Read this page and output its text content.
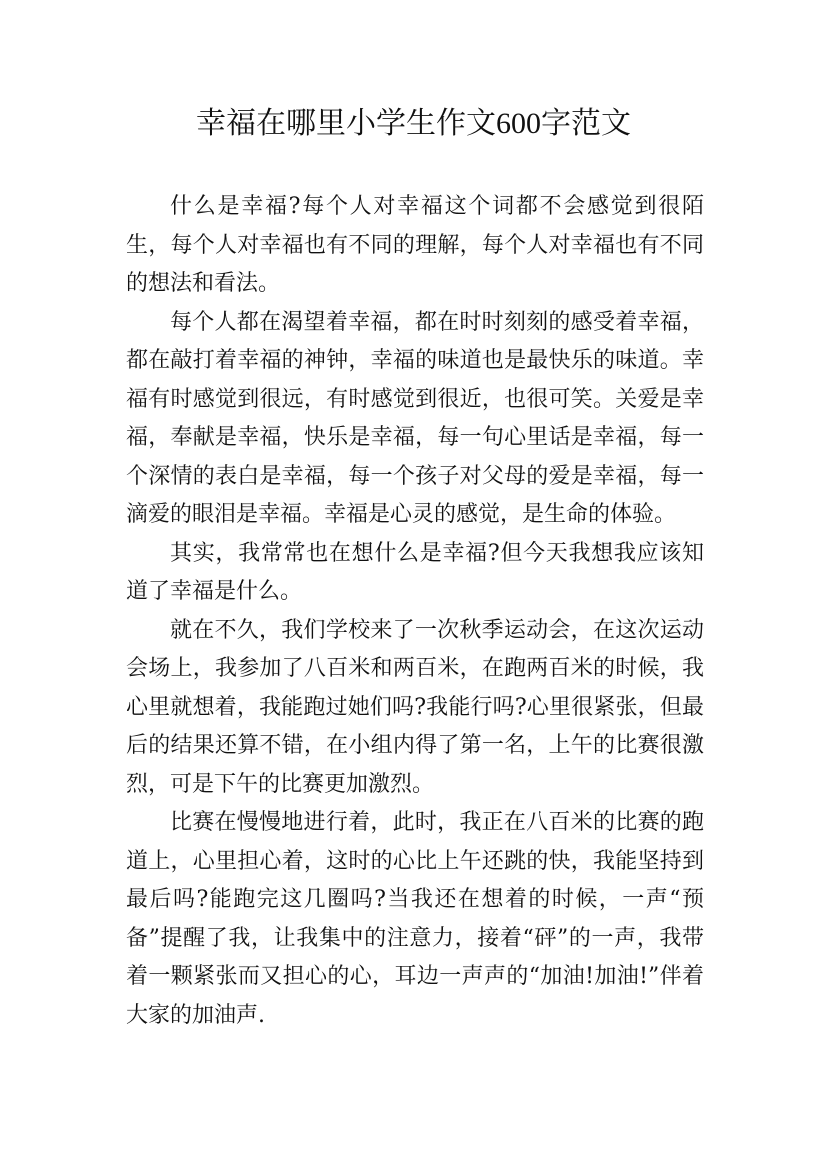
幸福在哪里小学生作文600字范文

什么是幸福?每个人对幸福这个词都不会感觉到很陌生，每个人对幸福也有不同的理解，每个人对幸福也有不同的想法和看法。

每个人都在渴望着幸福，都在时时刻刻的感受着幸福，都在敲打着幸福的神钟，幸福的味道也是最快乐的味道。幸福有时感觉到很远，有时感觉到很近，也很可笑。关爱是幸福，奉献是幸福，快乐是幸福，每一句心里话是幸福，每一个深情的表白是幸福，每一个孩子对父母的爱是幸福，每一滴爱的眼泪是幸福。幸福是心灵的感觉，是生命的体验。

其实，我常常也在想什么是幸福?但今天我想我应该知道了幸福是什么。

就在不久，我们学校来了一次秋季运动会，在这次运动会场上，我参加了八百米和两百米，在跑两百米的时候，我心里就想着，我能跑过她们吗?我能行吗?心里很紧张，但最后的结果还算不错，在小组内得了第一名，上午的比赛很激烈，可是下午的比赛更加激烈。

比赛在慢慢地进行着，此时，我正在八百米的比赛的跑道上，心里担心着，这时的心比上午还跳的快，我能坚持到最后吗?能跑完这几圈吗?当我还在想着的时候，一声“预备”提醒了我，让我集中的注意力，接着“砰”的一声，我带着一颗紧张而又担心的心，耳边一声声的“加油!加油!”伴着大家的加油声.
